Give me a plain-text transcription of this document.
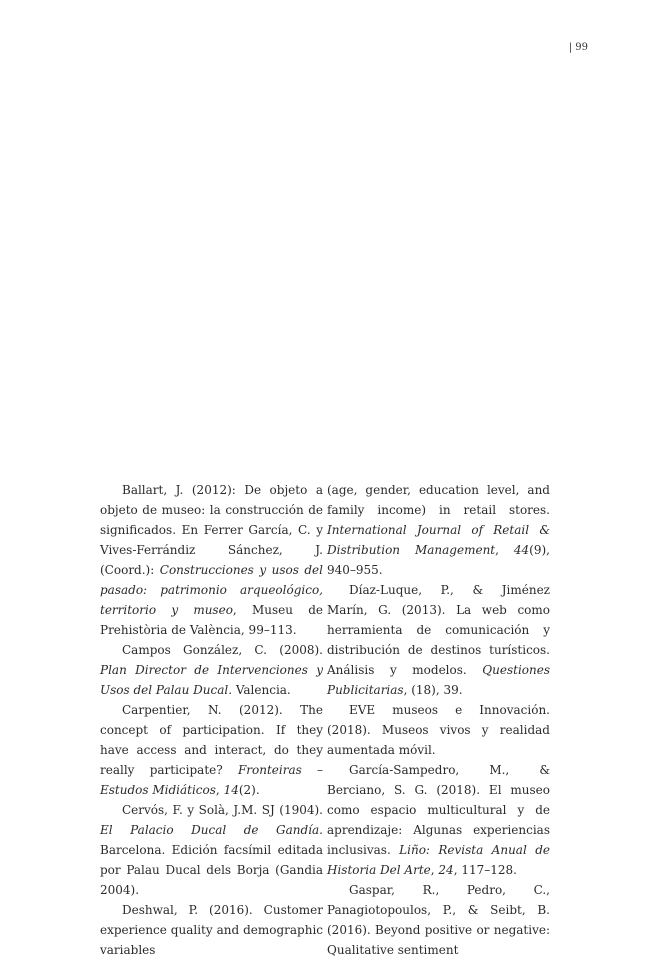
| 99

Ballart, J. (2012): De objeto a objeto de museo: la construcción de significados. En Ferrer García, C. y Vives-Ferrándiz Sánchez, J. (Coord.): Construcciones y usos del pasado: patrimonio arqueológico, territorio y museo, Museu de Prehistòria de València, 99–113.

Campos González, C. (2008). Plan Director de Intervenciones y Usos del Palau Ducal. Valencia.

Carpentier, N. (2012). The concept of participation. If they have access and interact, do they really participate? Fronteiras – Estudos Midiáticos, 14(2).

Cervós, F. y Solà, J.M. SJ (1904). El Palacio Ducal de Gandía. Barcelona. Edición facsímil editada por Palau Ducal dels Borja (Gandia 2004).

Deshwal, P. (2016). Customer experience quality and demographic variables

(age, gender, education level, and family income) in retail stores. International Journal of Retail & Distribution Management, 44(9), 940–955.

Díaz-Luque, P., & Jiménez Marín, G. (2013). La web como herramienta de comunicación y distribución de destinos turísticos. Análisis y modelos. Questiones Publicitarias, (18), 39.

EVE museos e Innovación. (2018). Museos vivos y realidad aumentada móvil.

García-Sampedro, M., & Berciano, S. G. (2018). El museo como espacio multicultural y de aprendizaje: Algunas experiencias inclusivas. Liño: Revista Anual de Historia Del Arte, 24, 117–128.

Gaspar, R., Pedro, C., Panagiotopoulos, P., & Seibt, B. (2016). Beyond positive or negative: Qualitative sentiment
